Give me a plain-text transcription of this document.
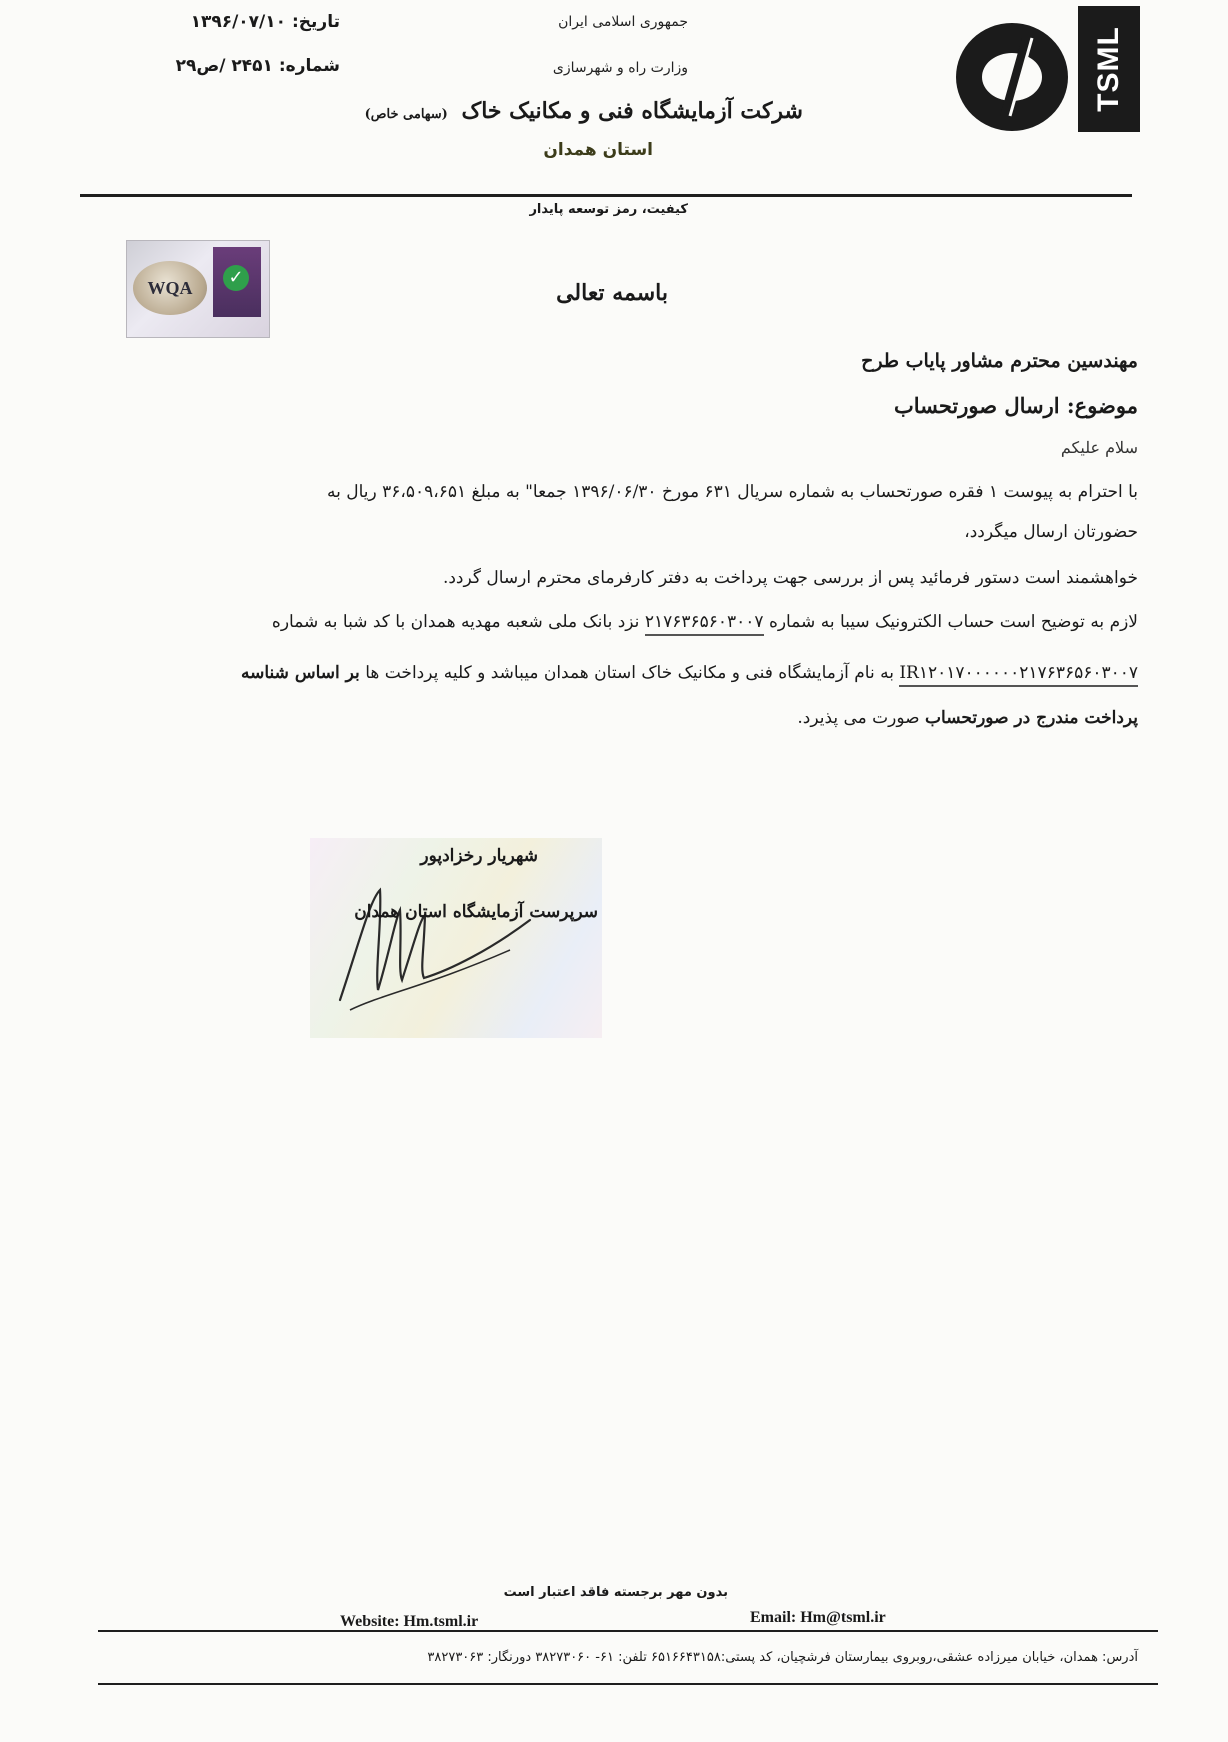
TSML
جمهوری اسلامی ایران
وزارت راه و شهرسازی
شرکت آزمایشگاه فنی و مکانیک خاک (سهامی خاص)
استان همدان
تاریخ:۱۳۹۶/۰۷/۱۰
شماره:۲۴۵۱ /ص۲۹
کیفیت، رمز توسعه پایدار
WQA	✓
باسمه تعالی
مهندسین محترم مشاور پایاب طرح
موضوع: ارسال صورتحساب
سلام علیکم
با احترام به پیوست ۱ فقره صورتحساب به شماره سریال ۶۳۱ مورخ ۱۳۹۶/۰۶/۳۰ جمعا" به مبلغ ۳۶،۵۰۹،۶۵۱ ریال به
حضورتان ارسال میگردد،
خواهشمند است دستور فرمائید پس از بررسی جهت پرداخت به دفتر کارفرمای محترم ارسال گردد.
لازم به توضیح است حساب الکترونیک سیبا به شماره ۲۱۷۶۳۶۵۶۰۳۰۰۷ نزد بانک ملی شعبه مهدیه همدان با کد شبا به شماره
IR۱۲۰۱۷۰۰۰۰۰۰۲۱۷۶۳۶۵۶۰۳۰۰۷ به نام آزمایشگاه فنی و مکانیک خاک استان همدان میباشد و کلیه پرداخت ها بر اساس شناسه
پرداخت مندرج در صورتحساب صورت می پذیرد.
شهریار رخزادپور
سرپرست آزمایشگاه استان همدان
بدون مهر برجسته فاقد اعتبار است
Website: Hm.tsml.ir	Email: Hm@tsml.ir
آدرس: همدان، خیابان میرزاده عشقی،روبروی بیمارستان فرشچیان، کد پستی:۶۵۱۶۶۴۳۱۵۸ تلفن: ۶۱- ۳۸۲۷۳۰۶۰ دورنگار: ۳۸۲۷۳۰۶۳
